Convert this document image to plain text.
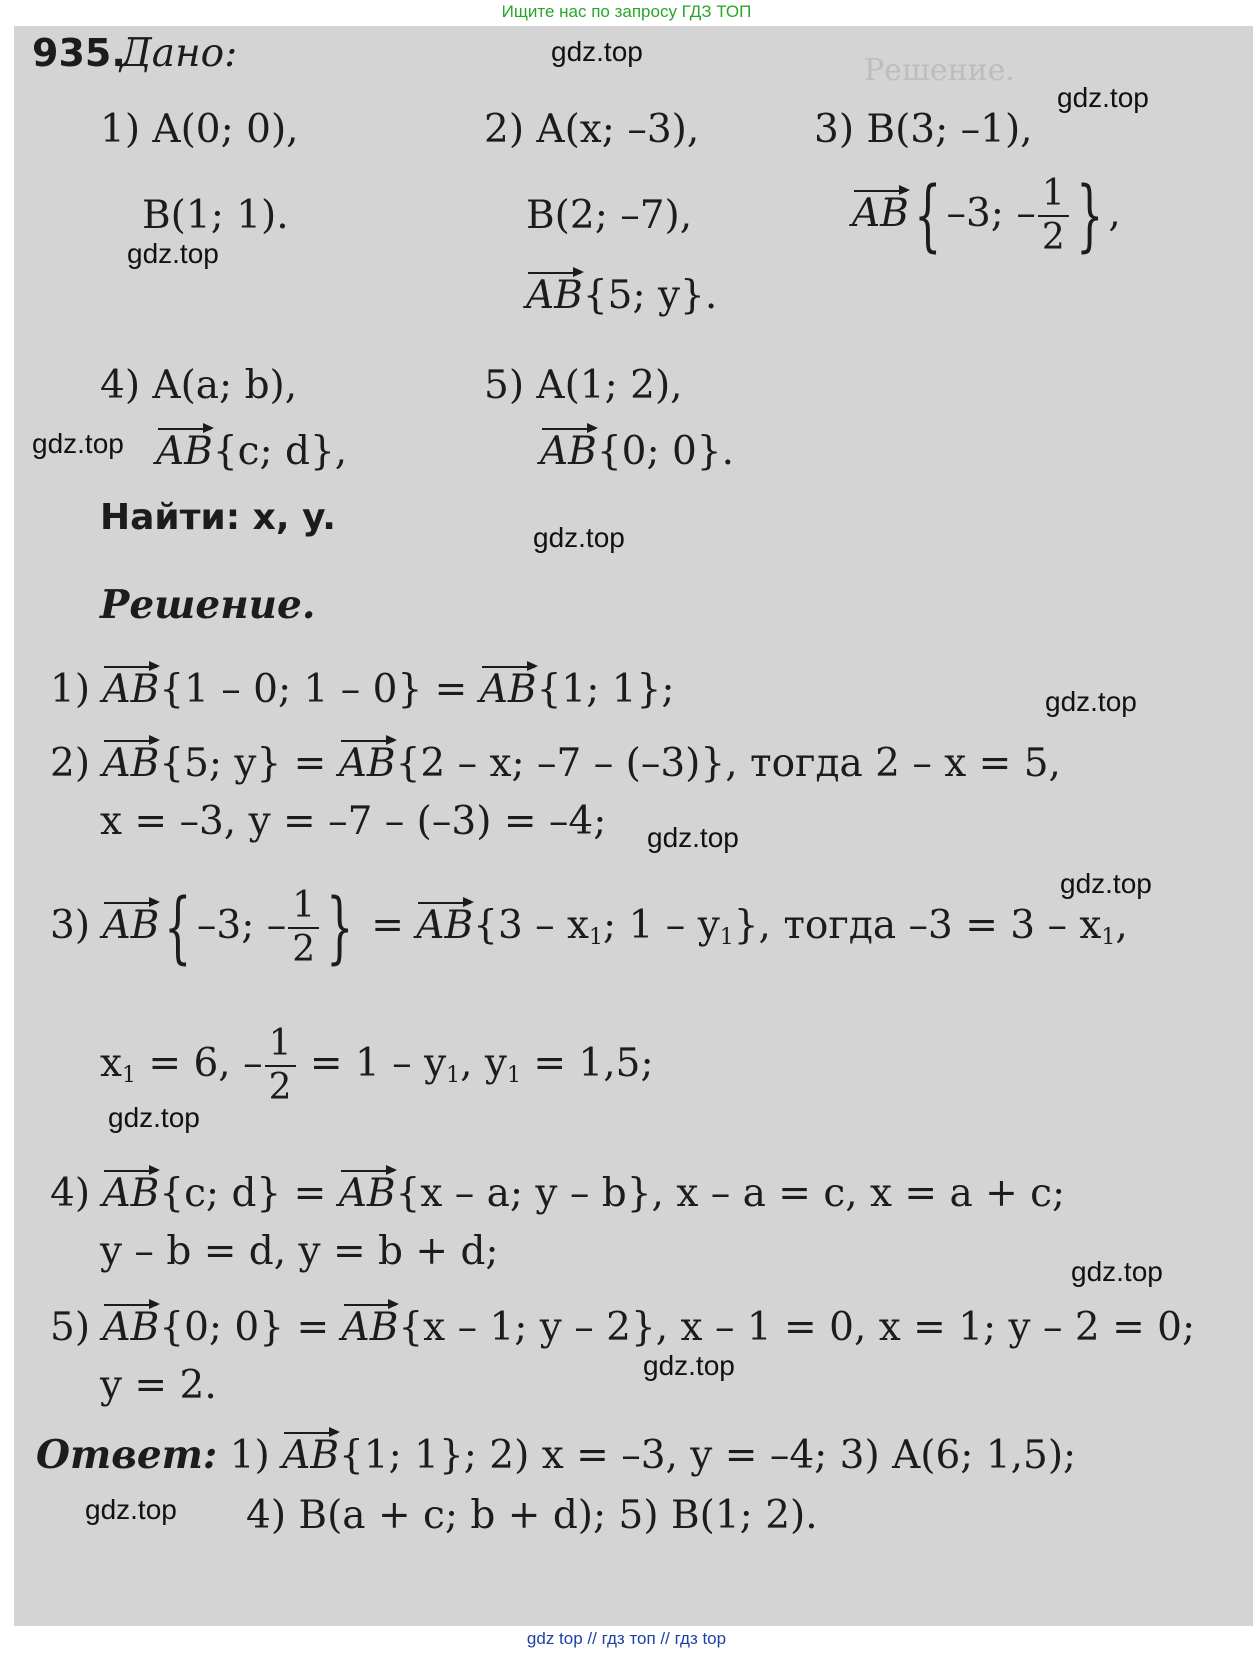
Ищите нас по запросу ГДЗ ТОП
Решение.
935.
Дано:
1) A(0; 0),
B(1; 1).
2) A(x; –3),
B(2; –7),
AB{5; y}.
3) B(3; –1),
AB{ –3; – $\frac{1}{2}$ } ,
4) A(a; b),
AB{c; d},
5) A(1; 2),
AB{0; 0}.
Найти: x, y.
Решение.
1) AB{1 – 0; 1 – 0} = AB{1; 1};
2) AB{5; y} = AB{2 – x; –7 – (–3)}, тогда 2 – x = 5,
x = –3, y = –7 – (–3) = –4;
3) AB{ –3; – $\frac{1}{2}$ } = $AB\{3 - x_1$; $1 - y_1$}, тогда $-3 = 3 - x_1$,
$x_1 = 6$, – $\frac{1}{2} = 1 - y_1$, $y_1 = 1,5$;
4) AB{c; d} = AB{x – a; y – b}, x – a = c, x = a + c;
y – b = d, y = b + d;
5) AB{0; 0} = AB{x – 1; y – 2}, x – 1 = 0, x = 1; y – 2 = 0;
y = 2.
Ответ: 1) AB{1; 1}; 2) x = –3, y = –4; 3) A(6; 1,5);
4) B(a + c; b + d); 5) B(1; 2).
gdz.top
gdz.top
gdz.top
gdz.top
gdz.top
gdz.top
gdz.top
gdz.top
gdz.top
gdz.top
gdz.top
gdz.top
gdz top // гдз топ // гдз top
